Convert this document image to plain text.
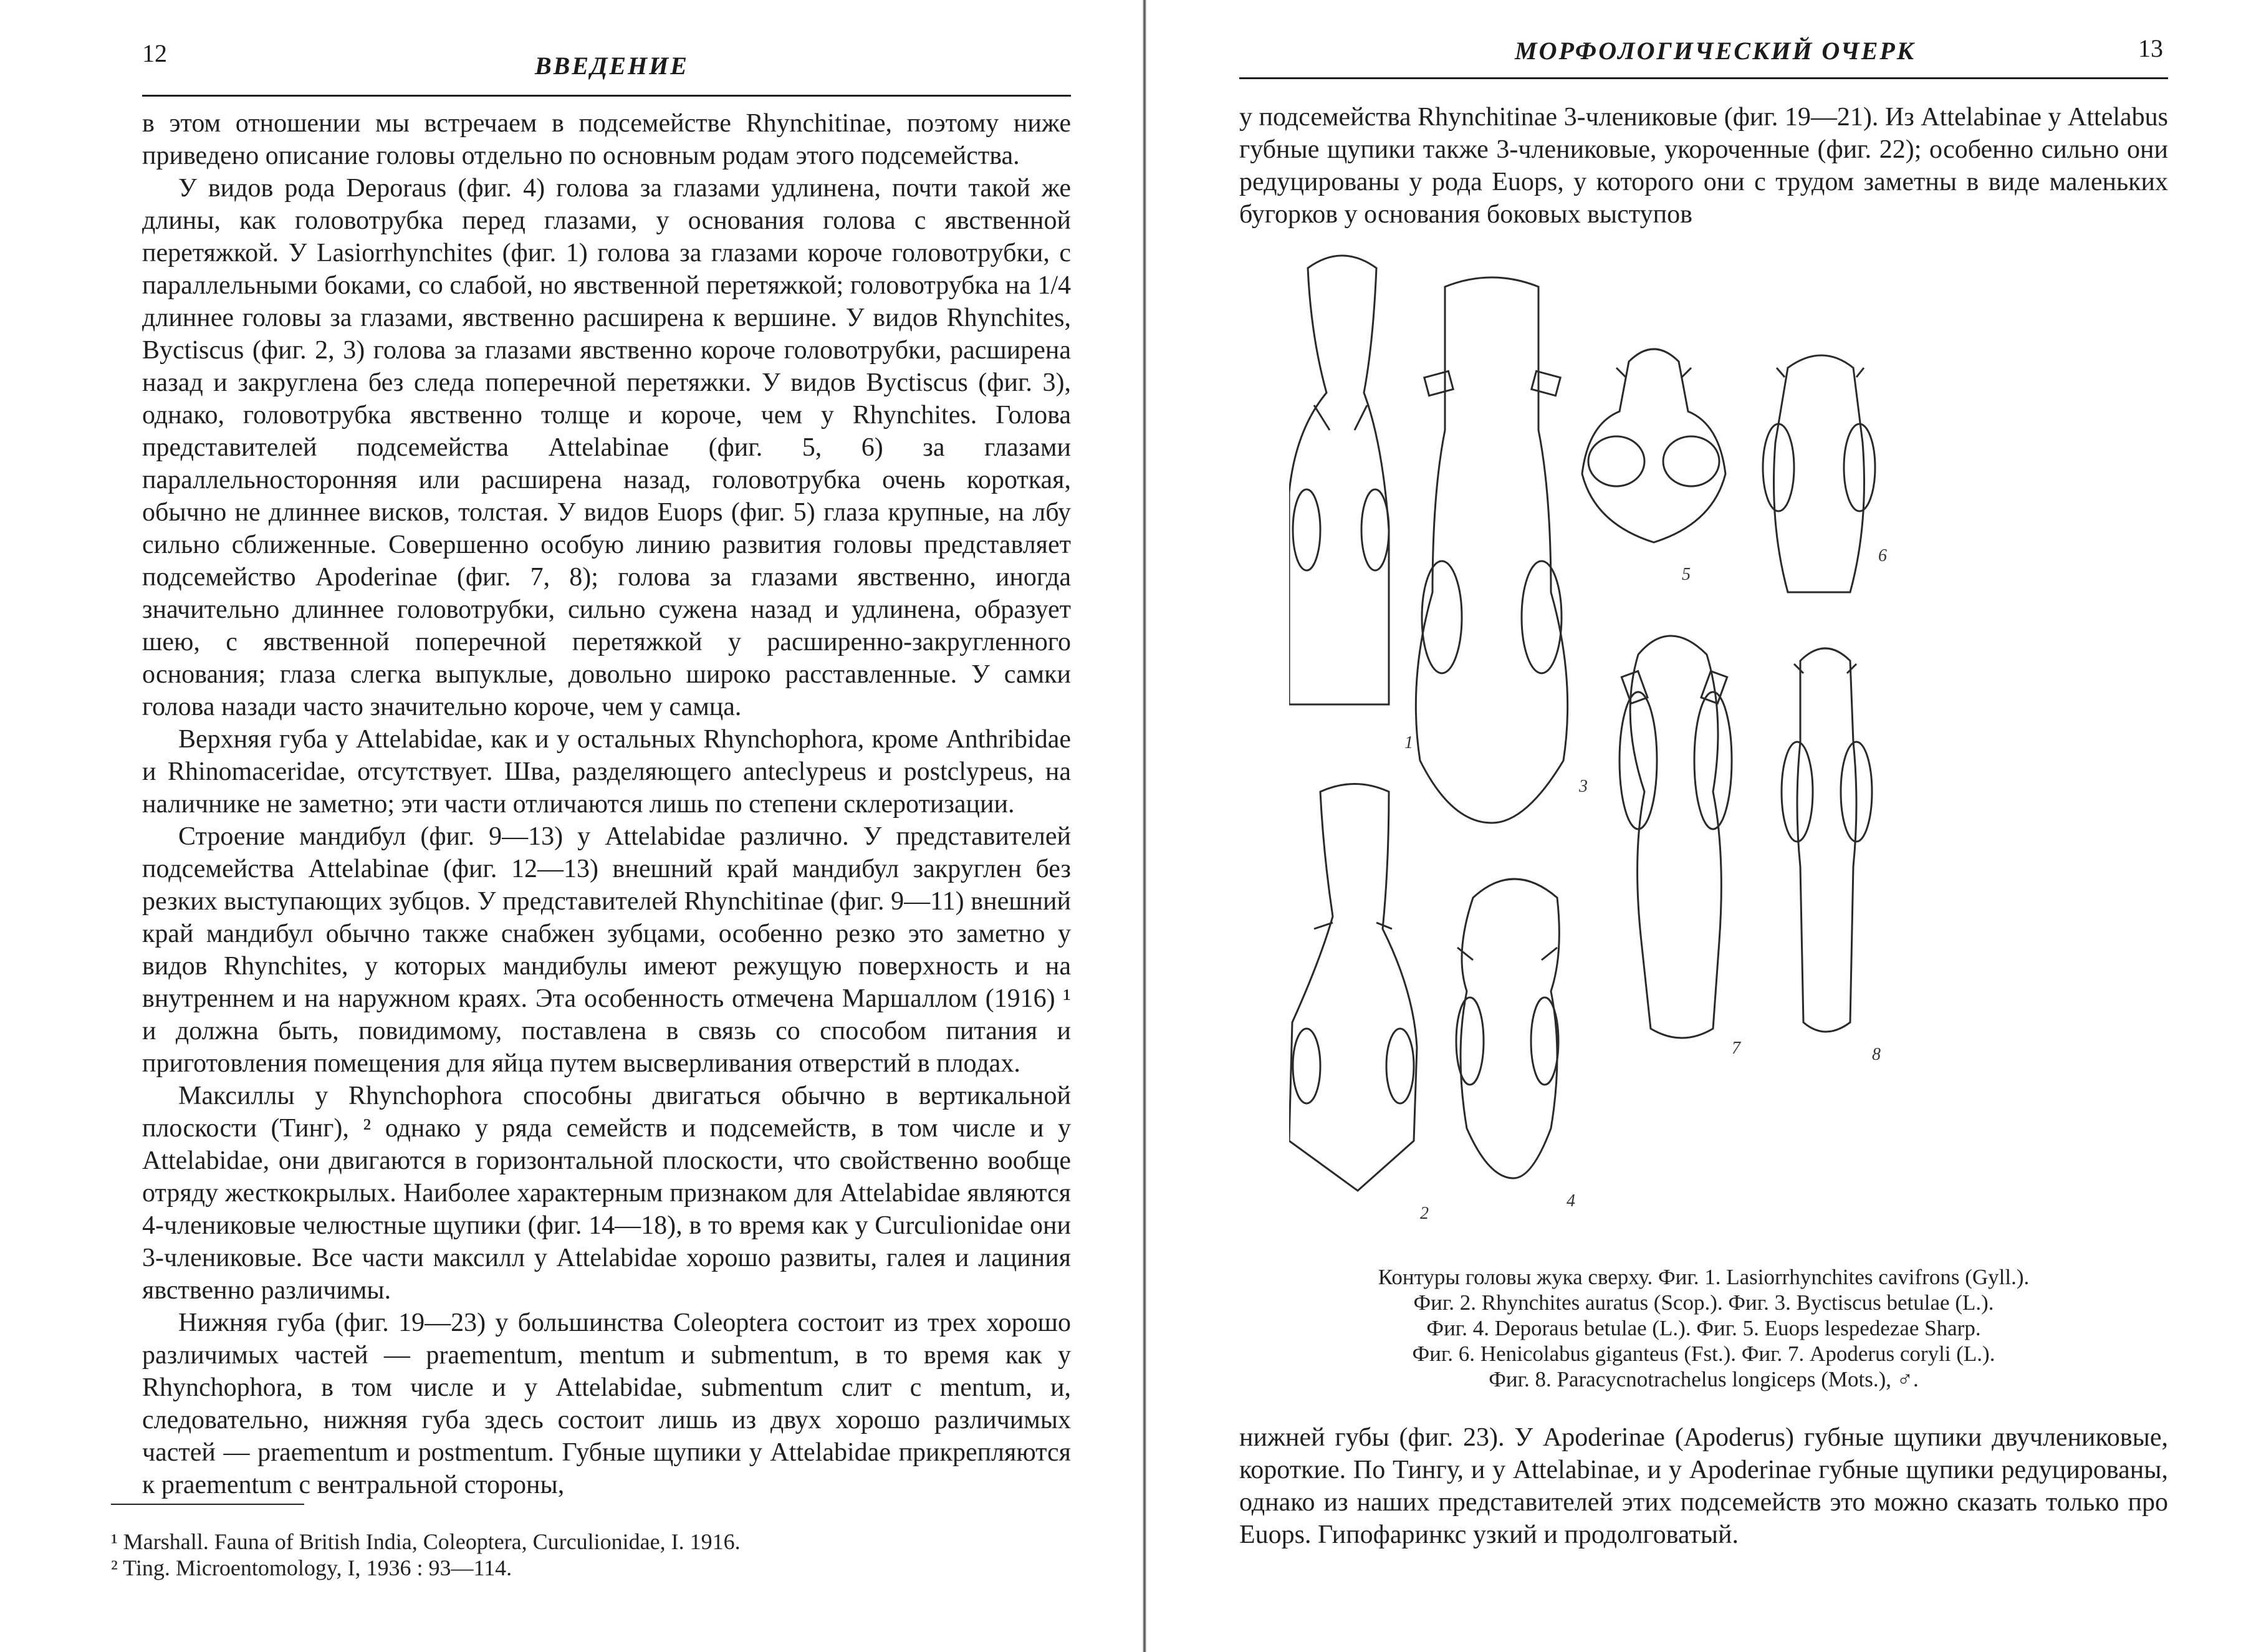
12	ВВЕДЕНИЕ

в этом отношении мы встречаем в подсемействе Rhynchitinae, поэтому ниже приведено описание головы отдельно по основным родам этого подсемейства.

У видов рода Deporaus (фиг. 4) голова за глазами удлинена, почти такой же длины, как головотрубка перед глазами, у основания голова с явственной перетяжкой. У Lasiorrhynchites (фиг. 1) голова за глазами короче головотрубки, с параллельными боками, со слабой, но явственной перетяжкой; головотрубка на 1/4 длиннее головы за глазами, явственно расширена к вершине. У видов Rhynchites, Byctiscus (фиг. 2, 3) голова за глазами явственно короче головотрубки, расширена назад и закруглена без следа поперечной перетяжки. У видов Byctiscus (фиг. 3), однако, головотрубка явственно толще и короче, чем у Rhynchites. Голова представителей подсемейства Attelabinae (фиг. 5, 6) за глазами параллельносторонняя или расширена назад, головотрубка очень короткая, обычно не длиннее висков, толстая. У видов Euops (фиг. 5) глаза крупные, на лбу сильно сближенные. Совершенно особую линию развития головы представляет подсемейство Apoderinae (фиг. 7, 8); голова за глазами явственно, иногда значительно длиннее головотрубки, сильно сужена назад и удлинена, образует шею, с явственной поперечной перетяжкой у расширенно-закругленного основания; глаза слегка выпуклые, довольно широко расставленные. У самки голова назади часто значительно короче, чем у самца.

Верхняя губа у Attelabidae, как и у остальных Rhynchophora, кроме Anthribidae и Rhinomaceridae, отсутствует. Шва, разделяющего anteclypeus и postclypeus, на наличнике не заметно; эти части отличаются лишь по степени склеротизации.

Строение мандибул (фиг. 9—13) у Attelabidae различно. У представителей подсемейства Attelabinae (фиг. 12—13) внешний край мандибул закруглен без резких выступающих зубцов. У представителей Rhynchitinae (фиг. 9—11) внешний край мандибул обычно также снабжен зубцами, особенно резко это заметно у видов Rhynchites, у которых мандибулы имеют режущую поверхность и на внутреннем и на наружном краях. Эта особенность отмечена Маршаллом (1916) ¹ и должна быть, повидимому, поставлена в связь со способом питания и приготовления помещения для яйца путем высверливания отверстий в плодах.

Максиллы у Rhynchophora способны двигаться обычно в вертикальной плоскости (Тинг), ² однако у ряда семейств и подсемейств, в том числе и у Attelabidae, они двигаются в горизонтальной плоскости, что свойственно вообще отряду жесткокрылых. Наиболее характерным признаком для Attelabidae являются 4-члениковые челюстные щупики (фиг. 14—18), в то время как у Curculionidae они 3-члениковые. Все части максилл у Attelabidae хорошо развиты, галея и лациния явственно различимы.

Нижняя губа (фиг. 19—23) у большинства Coleoptera состоит из трех хорошо различимых частей — praementum, mentum и submentum, в то время как у Rhynchophora, в том числе и у Attelabidae, submentum слит с mentum, и, следовательно, нижняя губа здесь состоит лишь из двух хорошо различимых частей — praementum и postmentum. Губные щупики у Attelabidae прикрепляются к praementum с вентральной стороны,

¹ Marshall. Fauna of British India, Coleoptera, Curculionidae, I. 1916.
² Ting. Microentomology, I, 1936 : 93—114.
МОРФОЛОГИЧЕСКИЙ ОЧЕРК	13

у подсемейства Rhynchitinae 3-члениковые (фиг. 19—21). Из Attelabinae у Attelabus губные щупики также 3-члениковые, укороченные (фиг. 22); особенно сильно они редуцированы у рода Euops, у которого они с трудом заметны в виде маленьких бугорков у основания боковых выступов

1
2
3
4
5
6
7	8
Контуры головы жука сверху. Фиг. 1. Lasiorrhynchites cavifrons (Gyll.).
Фиг. 2. Rhynchites auratus (Scop.). Фиг. 3. Byctiscus betulae (L.).
Фиг. 4. Deporaus betulae (L.). Фиг. 5. Euops lespedezae Sharp.
Фиг. 6. Henicolabus giganteus (Fst.). Фиг. 7. Apoderus coryli (L.).
Фиг. 8. Paracycnotrachelus longiceps (Mots.), ♂.

нижней губы (фиг. 23). У Apoderinae (Apoderus) губные щупики двучлениковые, короткие. По Тингу, и у Attelabinae, и у Apoderinae губные щупики редуцированы, однако из наших представителей этих подсемейств это можно сказать только про Euops. Гипофаринкс узкий и продолговатый.
